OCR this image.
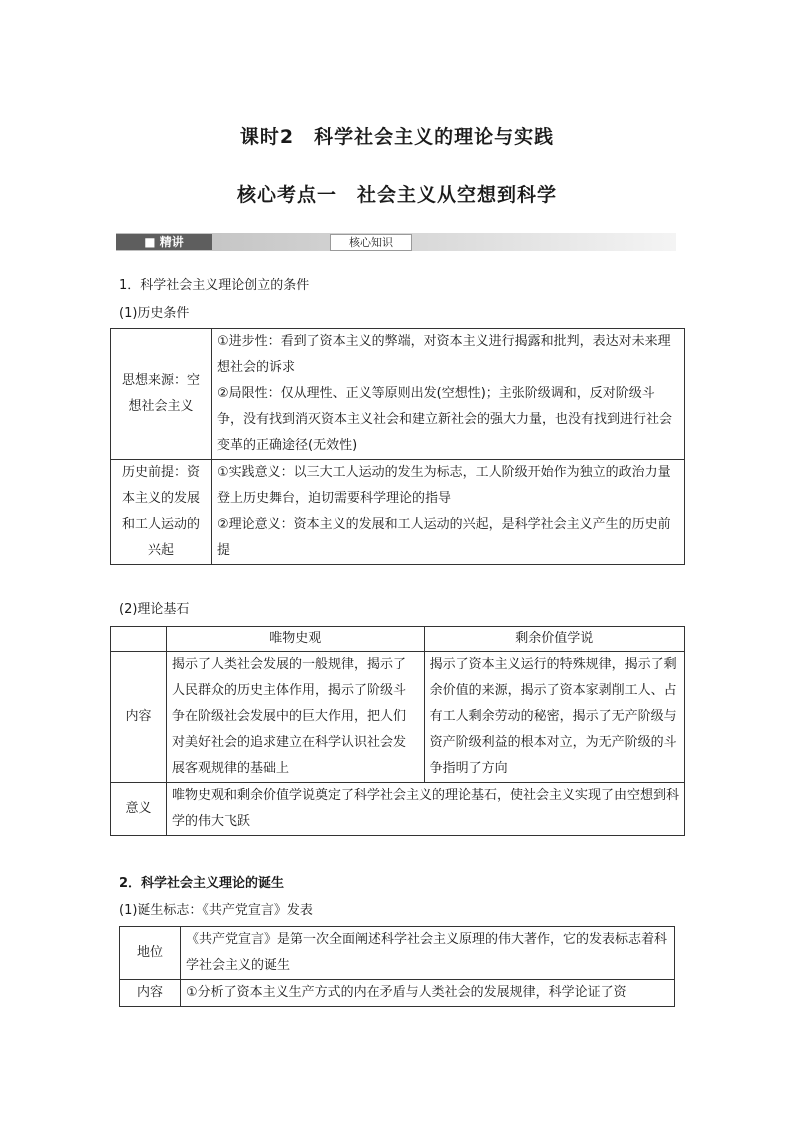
课时2　科学社会主义的理论与实践
核心考点一　社会主义从空想到科学
■ 精讲	核心知识
1．科学社会主义理论创立的条件
(1)历史条件
思想来源：空想社会主义	①进步性：看到了资本主义的弊端，对资本主义进行揭露和批判，表达对未来理想社会的诉求
②局限性：仅从理性、正义等原则出发(空想性)；主张阶级调和，反对阶级斗争，没有找到消灭资本主义社会和建立新社会的强大力量，也没有找到进行社会变革的正确途径(无效性)

历史前提：资本主义的发展和工人运动的兴起	①实践意义：以三大工人运动的发生为标志，工人阶级开始作为独立的政治力量登上历史舞台，迫切需要科学理论的指导
②理论意义：资本主义的发展和工人运动的兴起，是科学社会主义产生的历史前提
(2)理论基石
	唯物史观	剩余价值学说
内容	揭示了人类社会发展的一般规律，揭示了人民群众的历史主体作用，揭示了阶级斗争在阶级社会发展中的巨大作用，把人们对美好社会的追求建立在科学认识社会发展客观规律的基础上	揭示了资本主义运行的特殊规律，揭示了剩余价值的来源，揭示了资本家剥削工人、占有工人剩余劳动的秘密，揭示了无产阶级与资产阶级利益的根本对立，为无产阶级的斗争指明了方向
意义	唯物史观和剩余价值学说奠定了科学社会主义的理论基石，使社会主义实现了由空想到科学的伟大飞跃	
2．科学社会主义理论的诞生
(1)诞生标志：《共产党宣言》发表
地位	《共产党宣言》是第一次全面阐述科学社会主义原理的伟大著作，它的发表标志着科学社会主义的诞生
内容	①分析了资本主义生产方式的内在矛盾与人类社会的发展规律，科学论证了资
